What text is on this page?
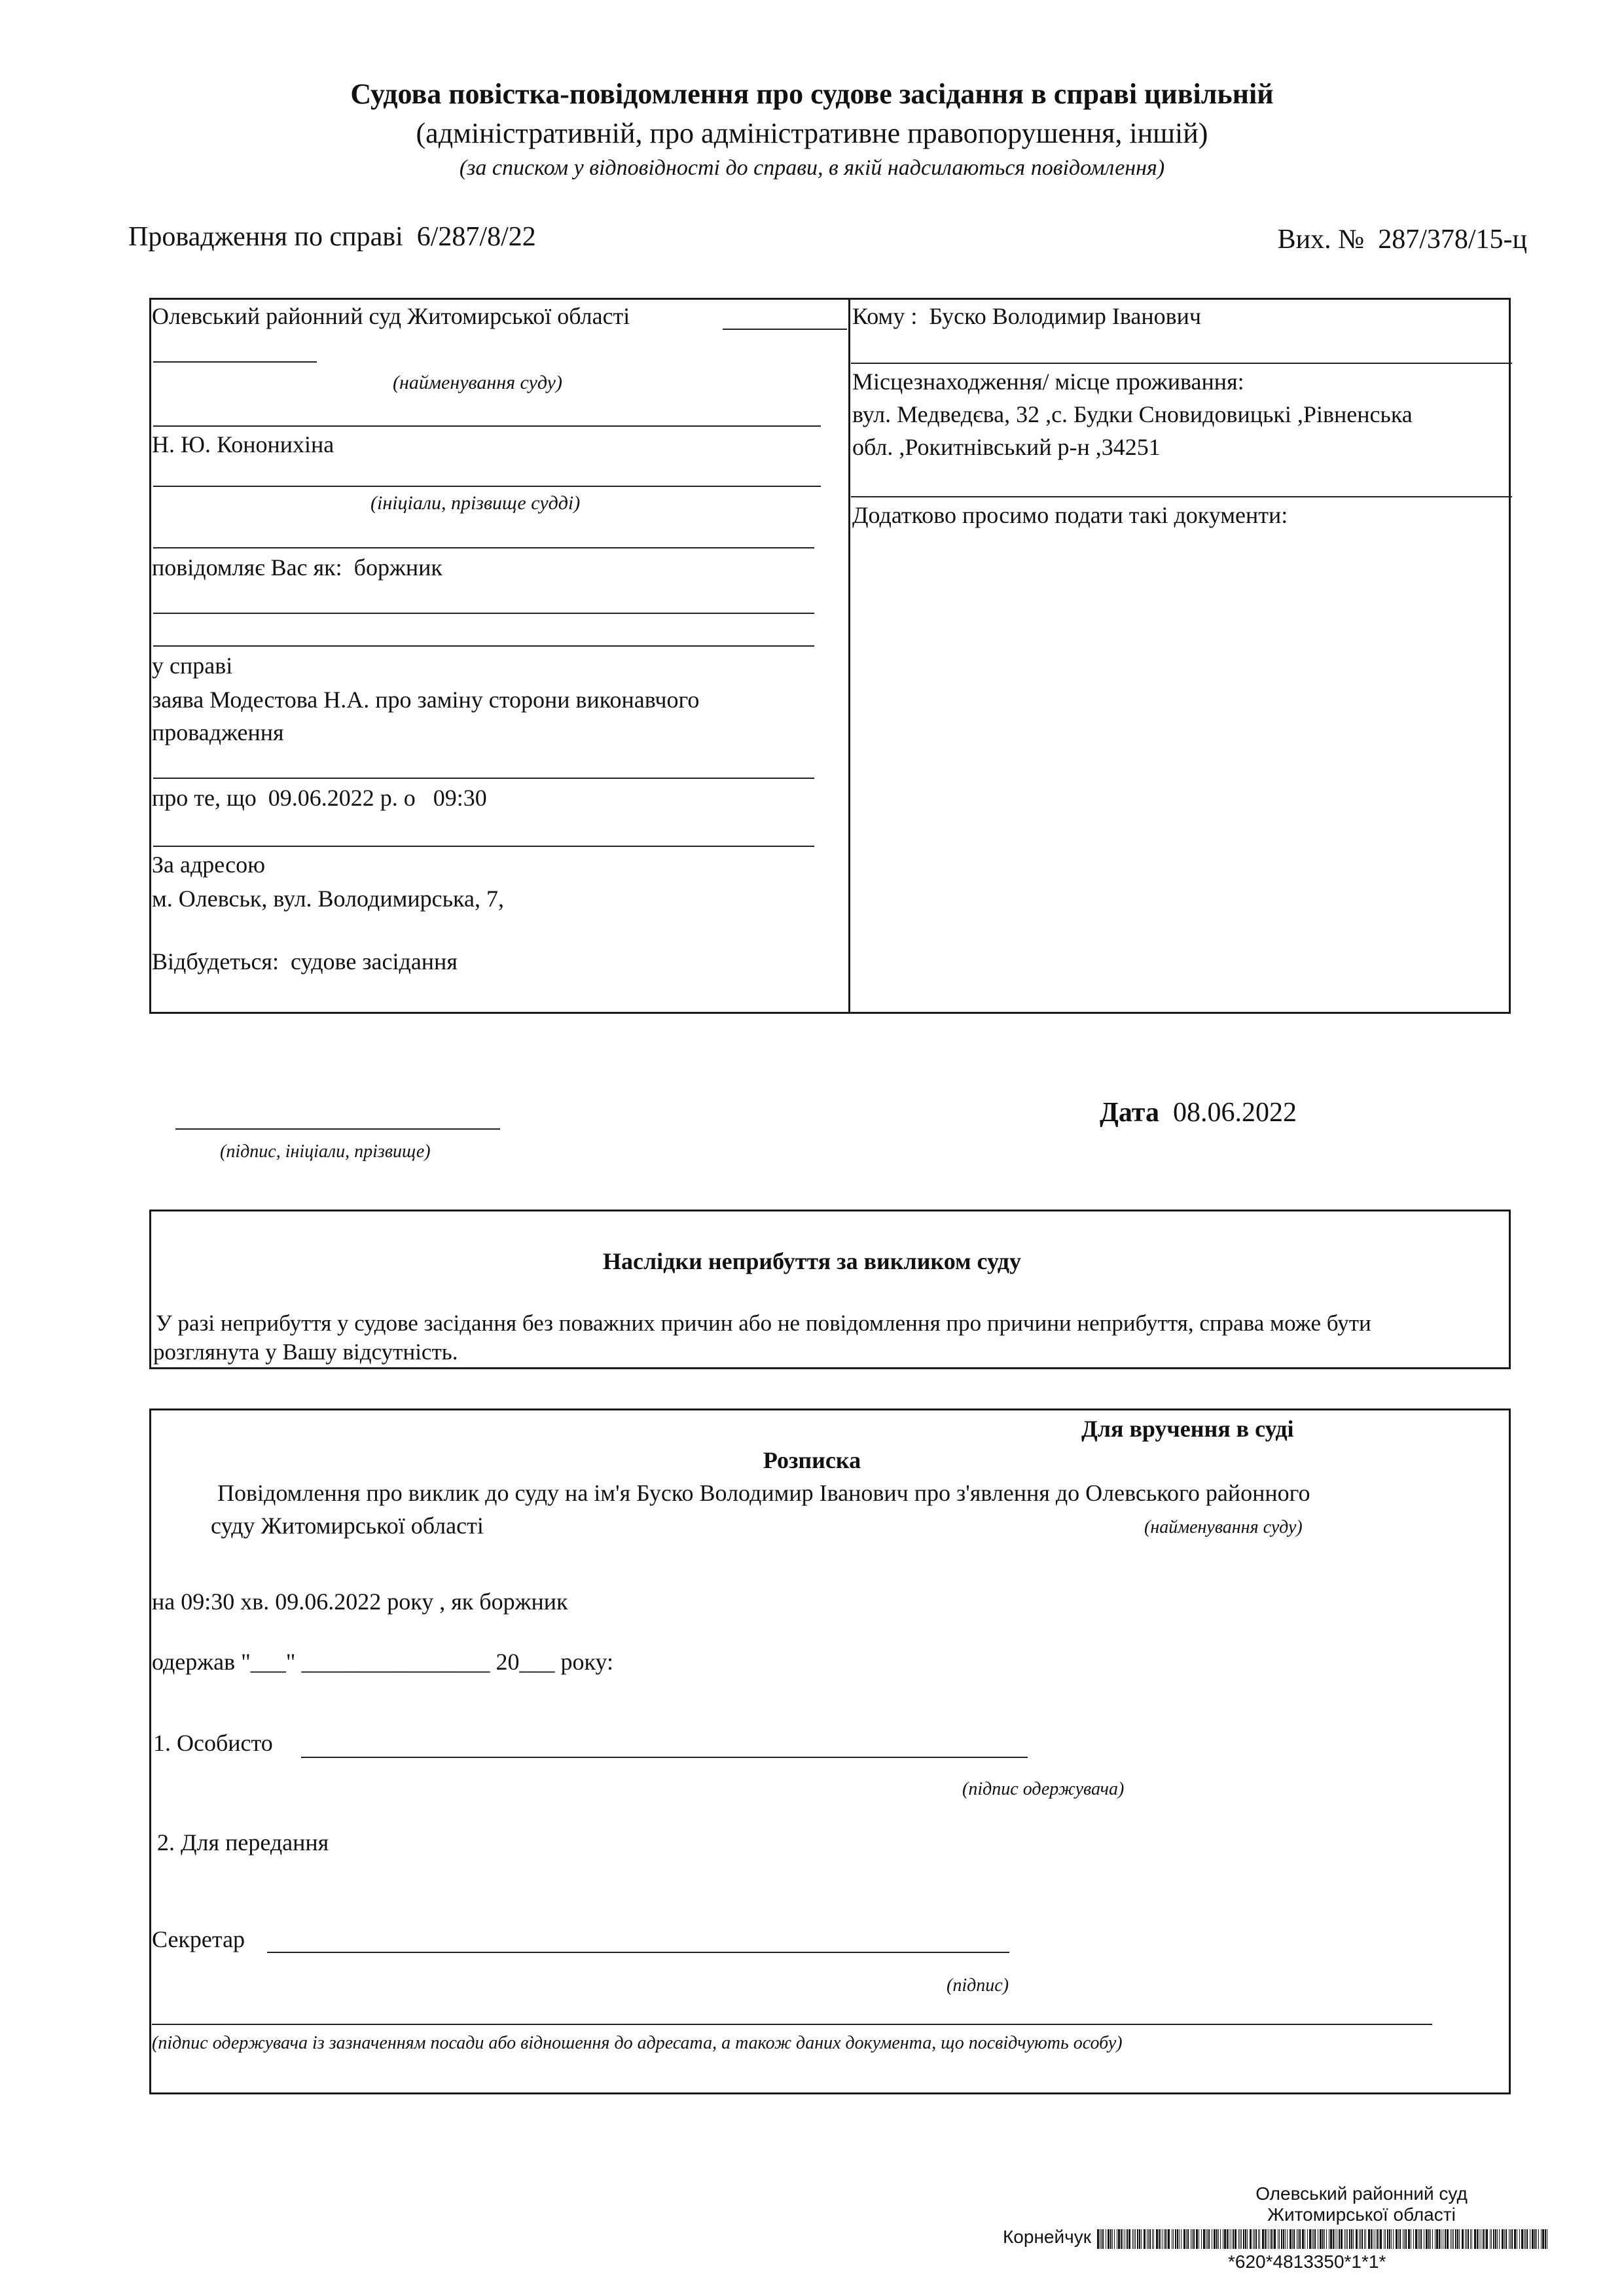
Судова повістка-повідомлення про судове засідання в справі цивільній
(адміністративній, про адміністративне правопорушення, іншій)
(за списком у відповідності до справи, в якій надсилаються повідомлення)
Провадження по справі 6/287/8/22	Вих. № 287/378/15-ц
Олевський районний суд Житомирської області
(найменування суду)
Н. Ю. Кононихіна
(ініціали, прізвище судді)
повідомляє Вас як: боржник
у справі
заява Модестова Н.А. про заміну сторони виконавчого провадження
про те, що 09.06.2022 р. о 09:30
За адресою
м. Олевськ, вул. Володимирська, 7,
Відбудеться: судове засідання
Кому : Буско Володимир Іванович
Місцезнаходження/ місце проживання:
вул. Медведєва, 32 ,с. Будки Сновидовицькі ,Рівненська
обл. ,Рокитнівський р-н ,34251
Додатково просимо подати такі документи:
(підпис, ініціали, прізвище)
Дата 08.06.2022
Наслідки неприбуття за викликом суду
У разі неприбуття у судове засідання без поважних причин або не повідомлення про причини неприбуття, справа може бути
розглянута у Вашу відсутність.
Для вручення в суді
Розписка
Повідомлення про виклик до суду на ім'я Буско Володимир Іванович про з'явлення до Олевського районного
суду Житомирської області	(найменування суду)
на 09:30 хв. 09.06.2022 року , як боржник
одержав "___" ________________ 20___ року:
1. Особисто
(підпис одержувача)
2. Для передання
Секретар
(підпис)
(підпис одержувача із зазначенням посади або відношення до адресата, а також даних документа, що посвідчують особу)
Олевський районний суд
Житомирської області
Корнейчук
*620*4813350*1*1*
